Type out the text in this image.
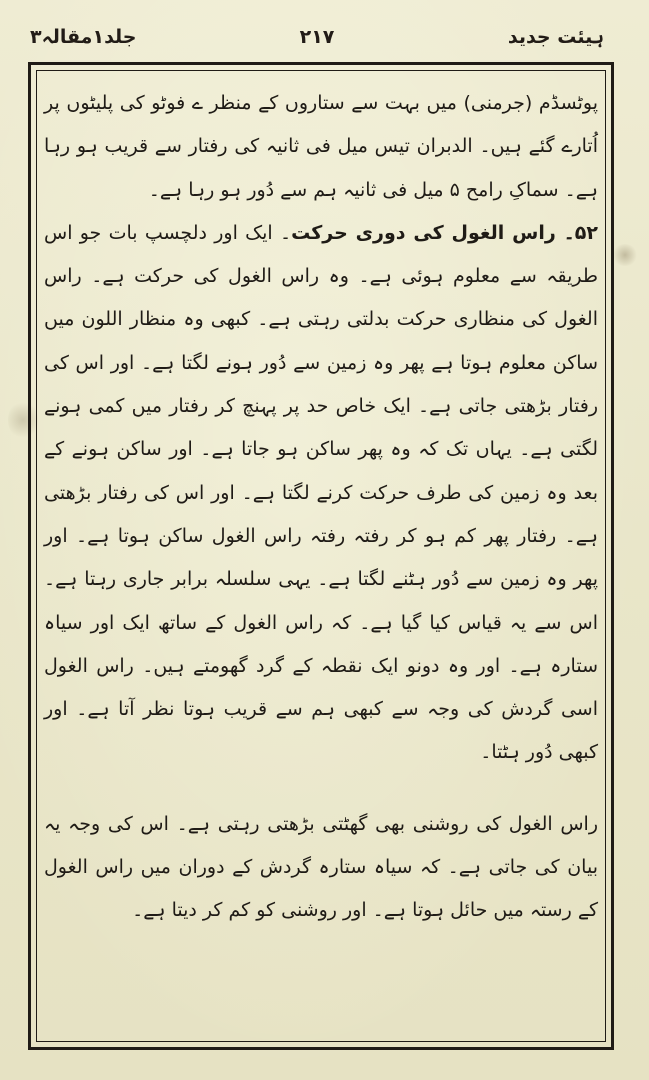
ہیئت جدید
۲۱۷
جلد۱مقالہ۳

پوٹسڈم (جرمنی) میں بہت سے ستاروں کے منظر ے فوٹو کی پلیٹوں پر اُتارے گئے ہیں۔ الدبران تیس میل فی ثانیہ کی رفتار سے قریب ہو رہا ہے۔ سماکِ رامح ۵ میل فی ثانیہ ہم سے دُور ہو رہا ہے۔

۵۲۔ راس الغول کی دوری حرکت۔ ایک اور دلچسپ بات جو اس طریقہ سے معلوم ہوئی ہے۔ وہ راس الغول کی حرکت ہے۔ راس الغول کی منظاری حرکت بدلتی رہتی ہے۔ کبھی وہ منظار اللون میں ساکن معلوم ہوتا ہے پھر وہ زمین سے دُور ہونے لگتا ہے۔ اور اس کی رفتار بڑھتی جاتی ہے۔ ایک خاص حد پر پہنچ کر رفتار میں کمی ہونے لگتی ہے۔ یہاں تک کہ وہ پھر ساکن ہو جاتا ہے۔ اور ساکن ہونے کے بعد وہ زمین کی طرف حرکت کرنے لگتا ہے۔ اور اس کی رفتار بڑھتی ہے۔ رفتار پھر کم ہو کر رفتہ رفتہ راس الغول ساکن ہوتا ہے۔ اور پھر وہ زمین سے دُور ہٹنے لگتا ہے۔ یہی سلسلہ برابر جاری رہتا ہے۔ اس سے یہ قیاس کیا گیا ہے۔ کہ راس الغول کے ساتھ ایک اور سیاہ ستارہ ہے۔ اور وہ دونو ایک نقطہ کے گرد گھومتے ہیں۔ راس الغول اسی گردش کی وجہ سے کبھی ہم سے قریب ہوتا نظر آتا ہے۔ اور کبھی دُور ہٹتا۔

راس الغول کی روشنی بھی گھٹتی بڑھتی رہتی ہے۔ اس کی وجہ یہ بیان کی جاتی ہے۔ کہ سیاہ ستارہ گردش کے دوران میں راس الغول کے رستہ میں حائل ہوتا ہے۔ اور روشنی کو کم کر دیتا ہے۔
